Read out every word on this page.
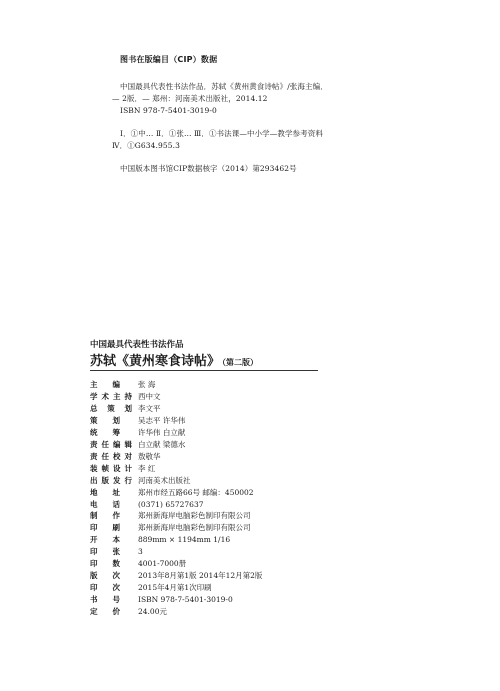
图书在版编目（CIP）数据
中国最具代表性书法作品．苏轼《黄州黄食诗帖》/张海主编．
— 2版．— 郑州：河南美术出版社，2014.12
ISBN 978-7-5401-3019-0
Ⅰ．①中… Ⅱ．①张… Ⅲ．①书法课—中小学—教学参考资料
Ⅳ．①G634.955.3
中国版本图书馆CIP数据核字（2014）第293462号
中国最具代表性书法作品
苏轼《黄州寒食诗帖》 （第二版）
主 编 张 海
学 术 主 持 西中文
总 策 划 李文平
策 划 吴志平 许华伟
统 筹 许华伟 白立献
责 任 编 辑 白立献 梁德水
责 任 校 对 敖敬华
装 帧 设 计 李 红
出 版 发 行 河南美术出版社
地 址 郑州市经五路66号 邮编：450002
电 话 (0371) 65727637
制 作 郑州新海岸电脑彩色制印有限公司
印 刷 郑州新海岸电脑彩色制印有限公司
开 本 889mm × 1194mm 1/16
印 张 3
印 数 4001-7000册
版 次 2013年8月第1版 2014年12月第2版
印 次 2015年4月第1次印刷
书 号 ISBN 978-7-5401-3019-0
定 价 24.00元
